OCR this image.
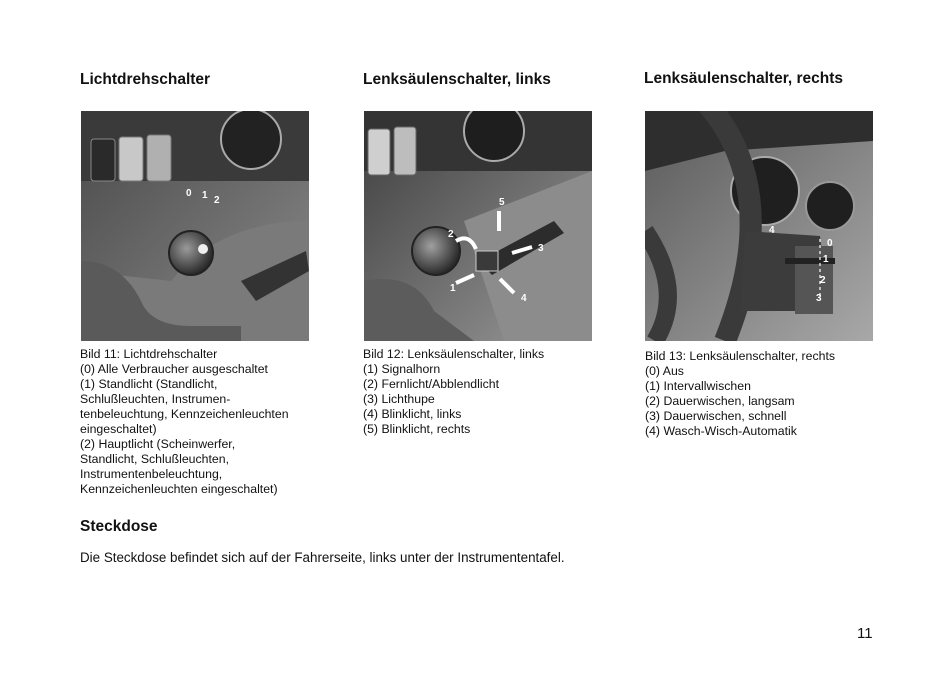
Lichtdrehschalter
0 1 2
Bild 11: Lichtdrehschalter
(0) Alle Verbraucher ausgeschaltet
(1) Standlicht (Standlicht,
Schlußleuchten, Instrumen-
tenbeleuchtung, Kennzeichenleuchten
eingeschaltet)
(2) Hauptlicht (Scheinwerfer,
Standlicht, Schlußleuchten,
Instrumentenbeleuchtung,
Kennzeichenleuchten eingeschaltet)
Lenksäulenschalter, links
5
2
3
1
4
Bild 12: Lenksäulenschalter, links
(1) Signalhorn
(2) Fernlicht/Abblendlicht
(3) Lichthupe
(4) Blinklicht, links
(5) Blinklicht, rechts
Lenksäulenschalter, rechts
4
0
1
2
3
Bild 13: Lenksäulenschalter, rechts
(0) Aus
(1) Intervallwischen
(2) Dauerwischen, langsam
(3) Dauerwischen, schnell
(4) Wasch-Wisch-Automatik
Steckdose
Die Steckdose befindet sich auf der Fahrerseite, links unter der Instrumententafel.
11
